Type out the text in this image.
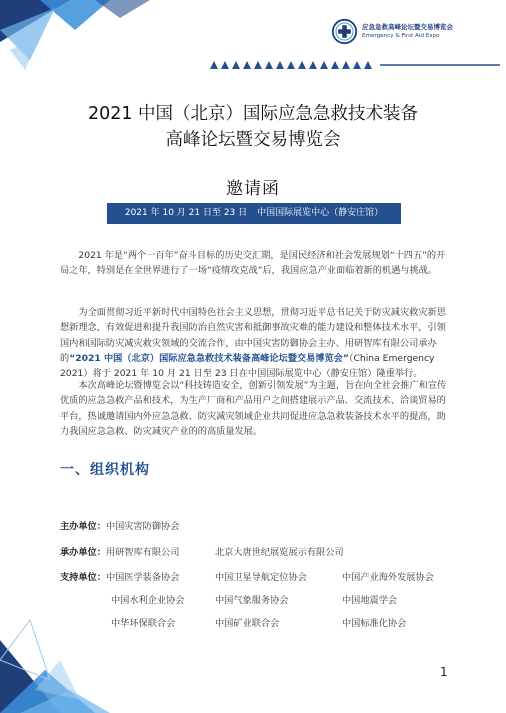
应急急救高峰论坛暨交易博览会
Emergency & First Aid Expo
2021 中国（北京）国际应急急救技术装备
高峰论坛暨交易博览会
邀请函
2021 年 10 月 21 日至 23 日 中国国际展览中心（静安庄馆）

2021 年是“两个一百年”奋斗目标的历史交汇期，是国民经济和社会发展规划“十四五”的开局之年，特别是在全世界进行了一场“疫情攻克战”后，我国应急产业面临着新的机遇与挑战。

为全面贯彻习近平新时代中国特色社会主义思想，贯彻习近平总书记关于防灾减灾救灾新思想新理念，有效促进和提升我国防治自然灾害和抵御事故灾难的能力建设和整体技术水平，引领国内和国际防灾减灾救灾领域的交流合作，由中国灾害防御协会主办、用研智库有限公司承办的“2021 中国（北京）国际应急急救技术装备高峰论坛暨交易博览会”（China Emergency 2021）将于 2021 年 10 月 21 日至 23 日在中国国际展览中心（静安庄馆）隆重举行。

本次高峰论坛暨博览会以“科技铸造安全，创新引领发展”为主题，旨在向全社会推广和宣传优质的应急急救产品和技术，为生产厂商和产品用户之间搭建展示产品、交流技术、洽谈贸易的平台，热诚邀请国内外应急急救、防灾减灾领域企业共同促进应急急救装备技术水平的提高，助力我国应急急救、防灾减灾产业的的高质量发展。

一、组织机构
主办单位：中国灾害防御协会
承办单位：用研智库有限公司	北京大唐世纪展览展示有限公司
支持单位：中国医学装备协会	中国卫星导航定位协会	中国产业海外发展协会
中国水利企业协会	中国气象服务协会	中国地震学会
中华环保联合会	中国矿业联合会	中国标准化协会
1
